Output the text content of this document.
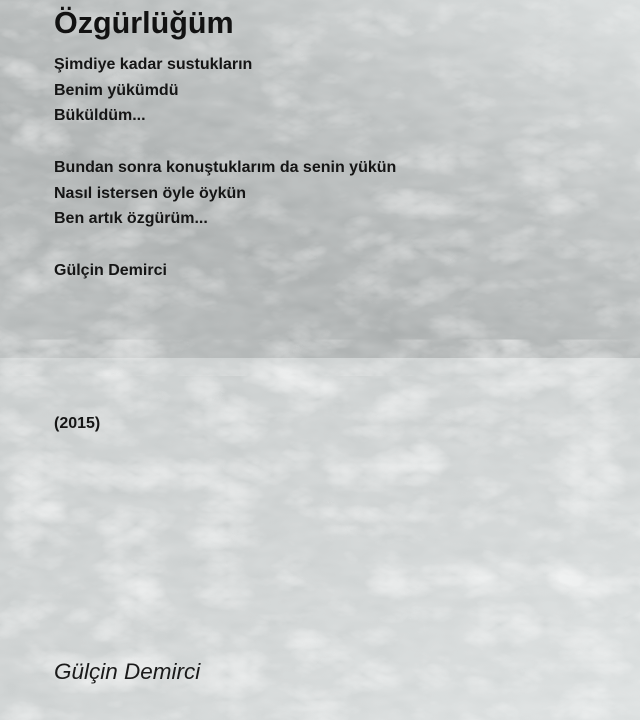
Özgürlüğüm
Şimdiye kadar sustukların
Benim yükümdü
Büküldüm...
Bundan sonra konuştuklarım da senin yükün
Nasıl istersen öyle öykün
Ben artık özgürüm...
Gülçin Demirci
(2015)
Gülçin Demirci
